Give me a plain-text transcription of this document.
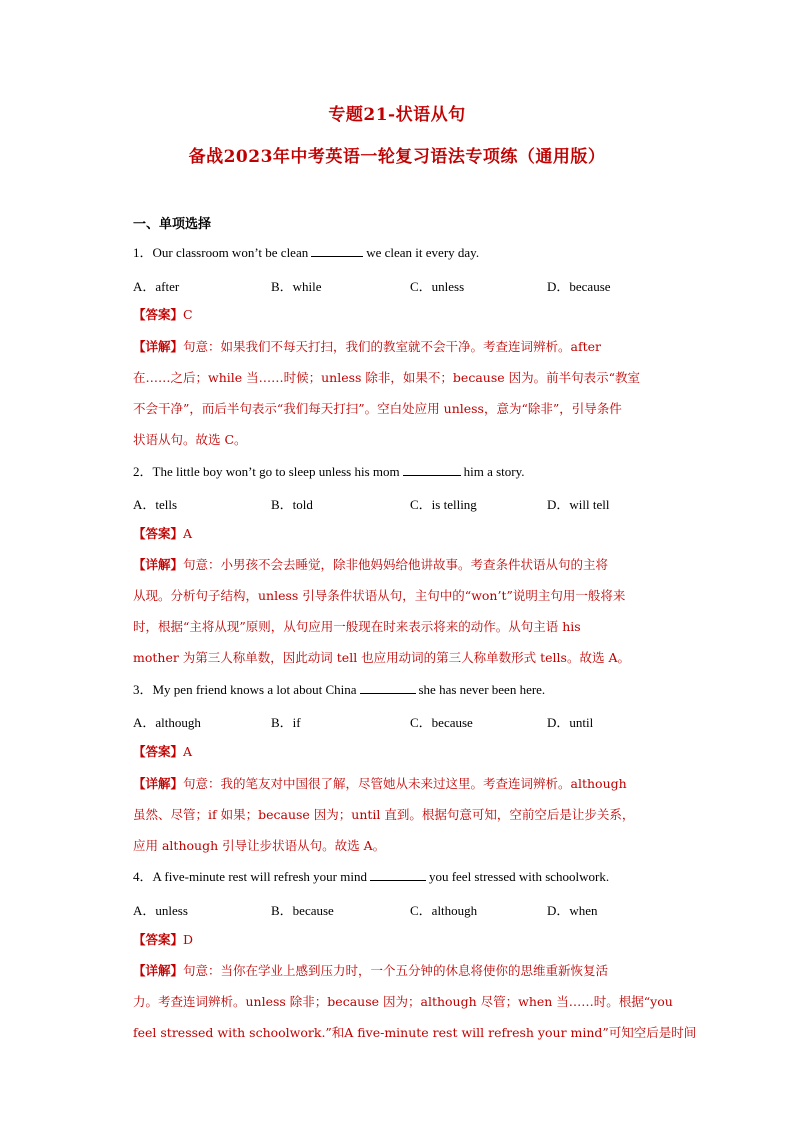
专题21-状语从句
备战2023年中考英语一轮复习语法专项练（通用版）
一、单项选择
1．Our classroom won’t be clean	we clean it every day.
A．after	B．while	C．unless	D．because
【答案】C
【详解】句意：如果我们不每天打扫，我们的教室就不会干净。考查连词辨析。after
在……之后；while 当……时候；unless 除非，如果不；because 因为。前半句表示“教室
不会干净”，而后半句表示“我们每天打扫”。空白处应用 unless，意为“除非”，引导条件
状语从句。故选 C。
2．The little boy won’t go to sleep unless his mom	him a story.
A．tells	B．told	C．is telling	D．will tell
【答案】A
【详解】句意：小男孩不会去睡觉，除非他妈妈给他讲故事。考查条件状语从句的主将
从现。分析句子结构，unless 引导条件状语从句，主句中的“won’t”说明主句用一般将来
时，根据“主将从现”原则，从句应用一般现在时来表示将来的动作。从句主语 his
mother 为第三人称单数，因此动词 tell 也应用动词的第三人称单数形式 tells。故选 A。
3．My pen friend knows a lot about China	she has never been here.
A．although	B．if	C．because	D．until
【答案】A
【详解】句意：我的笔友对中国很了解，尽管她从未来过这里。考查连词辨析。although
虽然、尽管；if 如果；because 因为；until 直到。根据句意可知，空前空后是让步关系，
应用 although 引导让步状语从句。故选 A。
4．A five-minute rest will refresh your mind	you feel stressed with schoolwork.
A．unless	B．because	C．although	D．when
【答案】D
【详解】句意：当你在学业上感到压力时，一个五分钟的休息将使你的思维重新恢复活
力。考查连词辨析。unless 除非；because 因为；although 尽管；when 当……时。根据“you
feel stressed with schoolwork.”和A five-minute rest will refresh your mind”可知空后是时间
